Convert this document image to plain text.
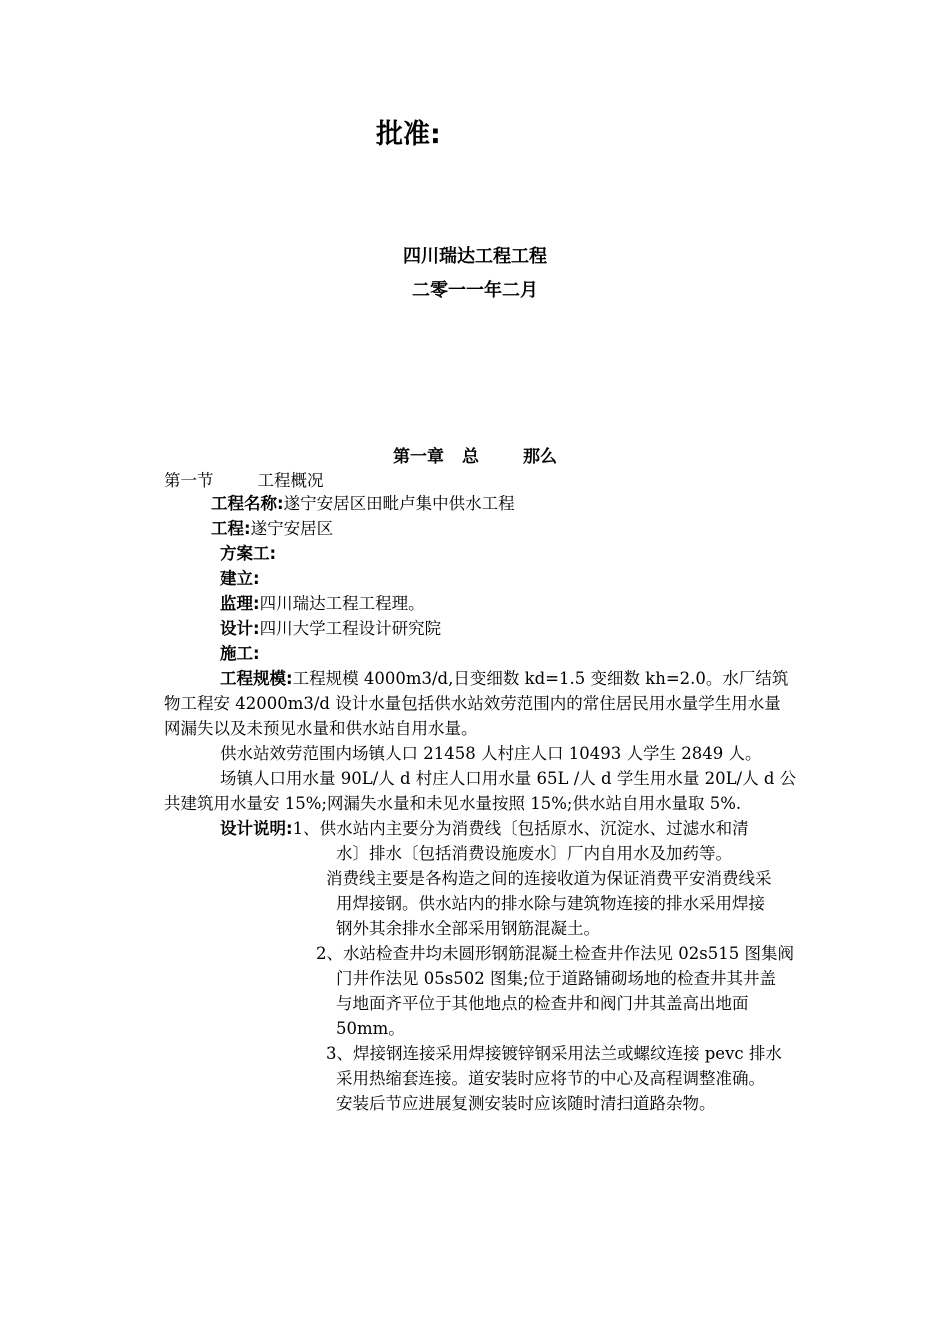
批准:
四川瑞达工程工程
二零一一年二月
第一章 总	那么
第一节	工程概况
工程名称:遂宁安居区田毗卢集中供水工程
工程:遂宁安居区
方案工:
建立:
监理:四川瑞达工程工程理。
设计:四川大学工程设计研究院
施工:
工程规模:工程规模 4000m3/d,日变细数 kd=1.5 变细数 kh=2.0。水厂结筑
物工程安 42000m3/d 设计水量包括供水站效劳范围内的常住居民用水量学生用水量
网漏失以及未预见水量和供水站自用水量。
供水站效劳范围内场镇人口 21458 人村庄人口 10493 人学生 2849 人。
场镇人口用水量 90L/人 d 村庄人口用水量 65L /人 d 学生用水量 20L/人 d 公
共建筑用水量安 15%;网漏失水量和未见水量按照 15%;供水站自用水量取 5%.
设计说明:1、供水站内主要分为消费线〔包括原水、沉淀水、过滤水和清
水〕排水〔包括消费设施废水〕厂内自用水及加药等。
消费线主要是各构造之间的连接收道为保证消费平安消费线采
用焊接钢。供水站内的排水除与建筑物连接的排水采用焊接
钢外其余排水全部采用钢筋混凝土。
2、水站检查井均未圆形钢筋混凝土检查井作法见 02s515 图集阀
门井作法见 05s502 图集;位于道路铺砌场地的检查井其井盖
与地面齐平位于其他地点的检查井和阀门井其盖高出地面
50mm。
3、焊接钢连接采用焊接镀锌钢采用法兰或螺纹连接 pevc 排水
采用热缩套连接。道安装时应将节的中心及高程调整准确。
安装后节应进展复测安装时应该随时清扫道路杂物。
